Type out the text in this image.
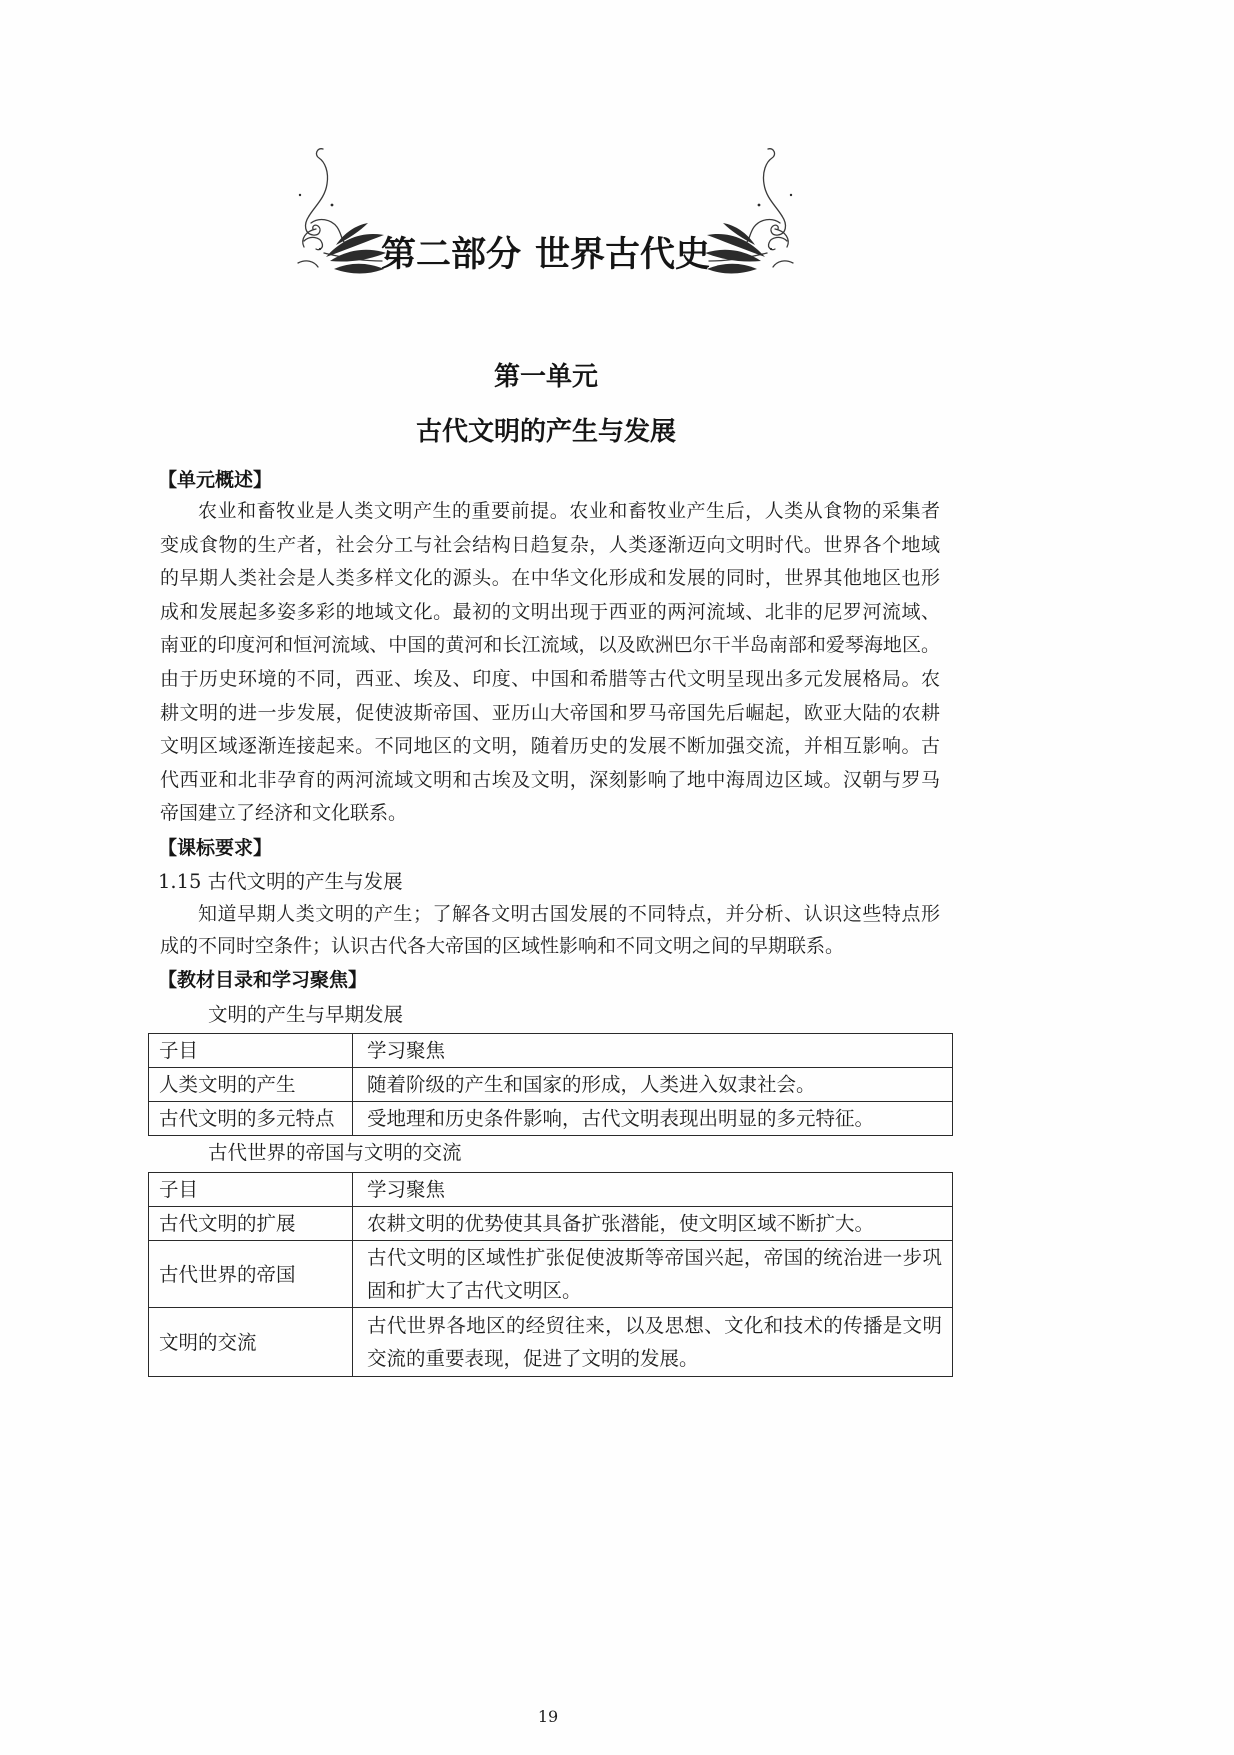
第二部分 世界古代史
第一单元
古代文明的产生与发展
【单元概述】
农业和畜牧业是人类文明产生的重要前提。农业和畜牧业产生后，人类从食物的采集者
变成食物的生产者，社会分工与社会结构日趋复杂，人类逐渐迈向文明时代。世界各个地域
的早期人类社会是人类多样文化的源头。在中华文化形成和发展的同时，世界其他地区也形
成和发展起多姿多彩的地域文化。最初的文明出现于西亚的两河流域、北非的尼罗河流域、
南亚的印度河和恒河流域、中国的黄河和长江流域，以及欧洲巴尔干半岛南部和爱琴海地区。
由于历史环境的不同，西亚、埃及、印度、中国和希腊等古代文明呈现出多元发展格局。农
耕文明的进一步发展，促使波斯帝国、亚历山大帝国和罗马帝国先后崛起，欧亚大陆的农耕
文明区域逐渐连接起来。不同地区的文明，随着历史的发展不断加强交流，并相互影响。古
代西亚和北非孕育的两河流域文明和古埃及文明，深刻影响了地中海周边区域。汉朝与罗马
帝国建立了经济和文化联系。
【课标要求】
1.15 古代文明的产生与发展
知道早期人类文明的产生；了解各文明古国发展的不同特点，并分析、认识这些特点形
成的不同时空条件；认识古代各大帝国的区域性影响和不同文明之间的早期联系。
【教材目录和学习聚焦】
文明的产生与早期发展
子目	学习聚焦
人类文明的产生	随着阶级的产生和国家的形成，人类进入奴隶社会。

古代文明的多元特点	受地理和历史条件影响，古代文明表现出明显的多元特征。
古代世界的帝国与文明的交流
子目	学习聚焦
古代文明的扩展	农耕文明的优势使其具备扩张潜能，使文明区域不断扩大。

古代世界的帝国	古代文明的区域性扩张促使波斯等帝国兴起，帝国的统治进一步巩
固和扩大了古代文明区。

文明的交流	古代世界各地区的经贸往来，以及思想、文化和技术的传播是文明
交流的重要表现，促进了文明的发展。
19
